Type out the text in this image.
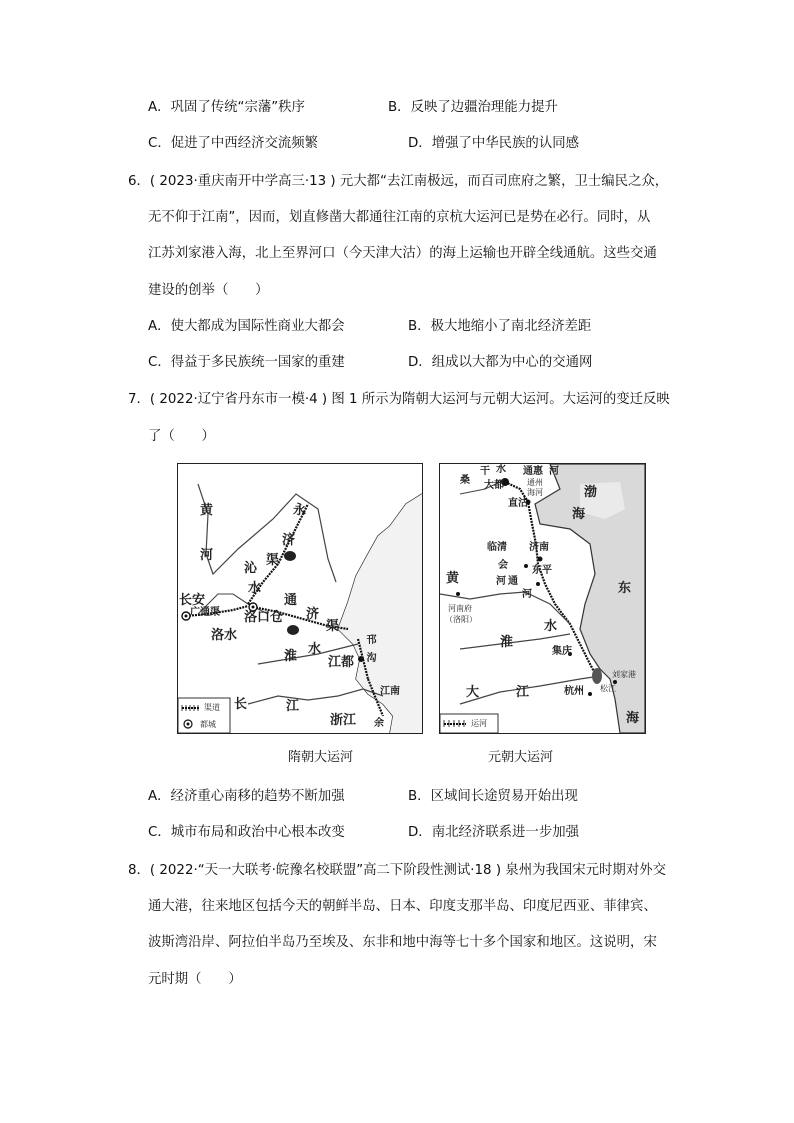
A．巩固了传统“宗藩”秩序	B．反映了边疆治理能力提升
C．促进了中西经济交流频繁	D．增强了中华民族的认同感
6．( 2023·重庆南开中学高三·13 ) 元大都“去江南极远，而百司庶府之繁，卫士编民之众，
无不仰于江南”，因而，划直修凿大都通往江南的京杭大运河已是势在必行。同时，从
江苏刘家港入海，北上至界河口（今天津大沽）的海上运输也开辟全线通航。这些交通
建设的创举（　　）
A．使大都成为国际性商业大都会	B．极大地缩小了南北经济差距
C．得益于多民族统一国家的重建	D．组成以大都为中心的交通网
7．( 2022·辽宁省丹东市一模·4 ) 图 1 所示为隋朝大运河与元朝大运河。大运河的变迁反映
了（　　）
黄
河
永
济
渠
沁
水
长安
广通渠 洛口仓
洛水
通
济
渠
淮 水
江都
邗
沟
江南
长	江
浙江 余
渠道
都城
干 水
桑 大都
通惠 河
通州
海河
直沽
渤
海
临清 济南
会
通
河
东平
黄
河
河南府
（洛阳）
淮
水
东
集庆
松江
刘家港
大	江	杭州
海
运河
隋朝大运河	元朝大运河
A．经济重心南移的趋势不断加强	B．区域间长途贸易开始出现
C．城市布局和政治中心根本改变	D．南北经济联系进一步加强
8．( 2022·“天一大联考·皖豫名校联盟”高二下阶段性测试·18 ) 泉州为我国宋元时期对外交
通大港，往来地区包括今天的朝鲜半岛、日本、印度支那半岛、印度尼西亚、菲律宾、
波斯湾沿岸、阿拉伯半岛乃至埃及、东非和地中海等七十多个国家和地区。这说明，宋
元时期（　　）
